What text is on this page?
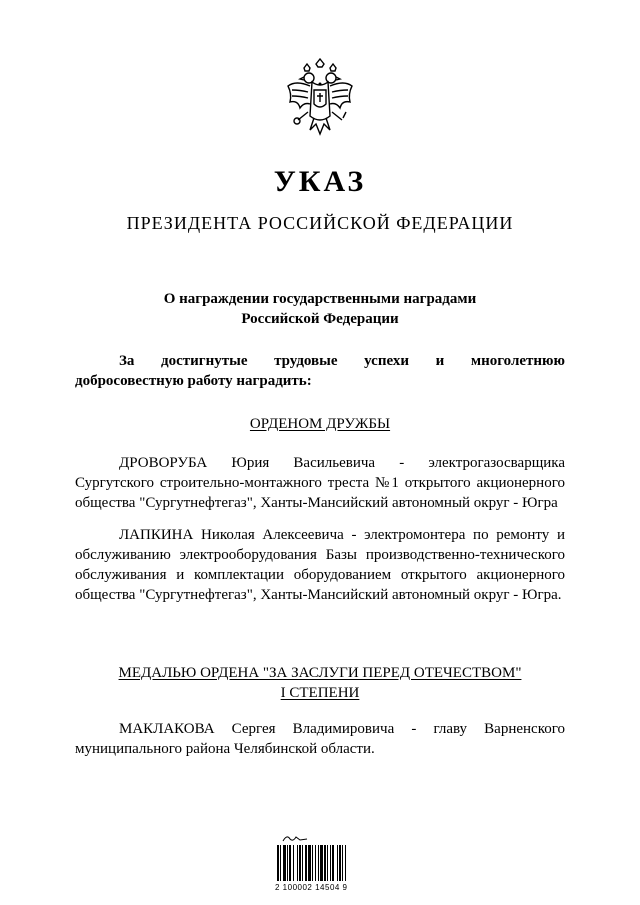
УКАЗ
ПРЕЗИДЕНТА РОССИЙСКОЙ ФЕДЕРАЦИИ
О награждении государственными наградами
Российской Федерации
За достигнутые трудовые успехи и многолетнюю
добросовестную работу наградить:
ОРДЕНОМ ДРУЖБЫ

ДРОВОРУБА Юрия Васильевича - электрогазосварщика Сургутского строительно-монтажного треста №1 открытого акционерного общества "Сургутнефтегаз", Ханты-Мансийский автономный округ - Югра

ЛАПКИНА Николая Алексеевича - электромонтера по ремонту и обслуживанию электрооборудования Базы производственно-технического обслуживания и комплектации оборудованием открытого акционерного общества "Сургутнефтегаз", Ханты-Мансийский автономный округ - Югра.

МЕДАЛЬЮ ОРДЕНА "ЗА ЗАСЛУГИ ПЕРЕД ОТЕЧЕСТВОМ"
I СТЕПЕНИ

МАКЛАКОВА Сергея Владимировича - главу Варненского муниципального района Челябинской области.

2 100002 14504 9
